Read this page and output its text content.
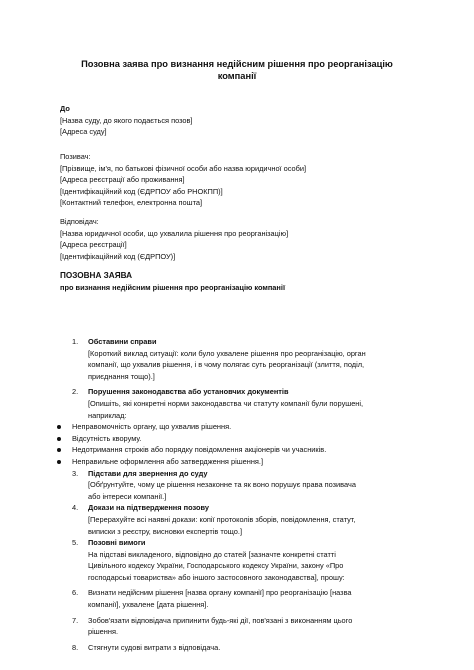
Позовна заява про визнання недійсним рішення про реорганізацію
компанії
До
[Назва суду, до якого подається позов]
[Адреса суду]
Позивач:
[Прізвище, ім'я, по батькові фізичної особи або назва юридичної особи]
[Адреса реєстрації або проживання]
[Ідентифікаційний код (ЄДРПОУ або РНОКПП)]
[Контактний телефон, електронна пошта]
Відповідач:
[Назва юридичної особи, що ухвалила рішення про реорганізацію]
[Адреса реєстрації]
[Ідентифікаційний код (ЄДРПОУ)]
ПОЗОВНА ЗАЯВА
про визнання недійсним рішення про реорганізацію компанії
1.	Обставини справи
[Короткий виклад ситуації: коли було ухвалене рішення про реорганізацію, орган
компанії, що ухвалив рішення, і в чому полягає суть реорганізації (злиття, поділ,
приєднання тощо).]
2.	Порушення законодавства або установчих документів
[Опишіть, які конкретні норми законодавства чи статуту компанії були порушені,
наприклад:
Неправомочність органу, що ухвалив рішення.
Відсутність кворуму.
Недотримання строків або порядку повідомлення акціонерів чи учасників.
Неправильне оформлення або затвердження рішення.]
3.	Підстави для звернення до суду
[Обґрунтуйте, чому це рішення незаконне та як воно порушує права позивача
або інтереси компанії.]
4.	Докази на підтвердження позову
[Перерахуйте всі наявні докази: копії протоколів зборів, повідомлення, статут,
виписки з реєстру, висновки експертів тощо.]
5.	Позовні вимоги
На підставі викладеного, відповідно до статей [зазначте конкретні статті
Цивільного кодексу України, Господарського кодексу України, закону «Про
господарські товариства» або іншого застосовного законодавства], прошу:
6.	Визнати недійсним рішення [назва органу компанії] про реорганізацію [назва
компанії], ухвалене [дата рішення].
7.	Зобов'язати відповідача припинити будь-які дії, пов'язані з виконанням цього
рішення.
8.	Стягнути судові витрати з відповідача.
